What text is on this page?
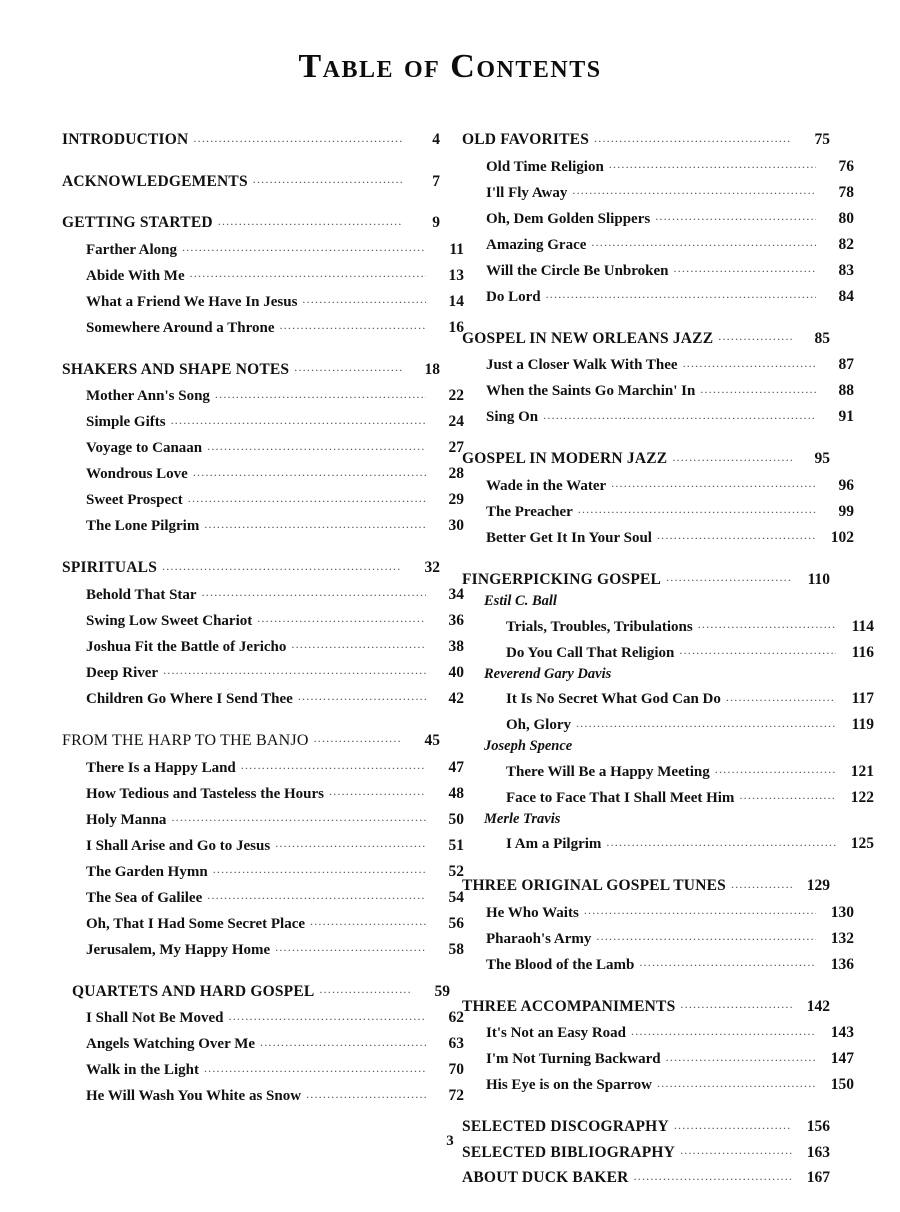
Table of Contents
INTRODUCTION .....	4
ACKNOWLEDGEMENTS .....	7
GETTING STARTED .....	9
Farther Along .....	11
Abide With Me .....	13
What a Friend We Have In Jesus .....	14
Somewhere Around a Throne .....	16
SHAKERS AND SHAPE NOTES .....	18
Mother Ann's Song .....	22
Simple Gifts .....	24
Voyage to Canaan .....	27
Wondrous Love .....	28
Sweet Prospect .....	29
The Lone Pilgrim .....	30
SPIRITUALS .....	32
Behold That Star .....	34
Swing Low Sweet Chariot .....	36
Joshua Fit the Battle of Jericho .....	38
Deep River .....	40
Children Go Where I Send Thee .....	42
FROM THE HARP TO THE BANJO .....	45
There Is a Happy Land .....	47
How Tedious and Tasteless the Hours .....	48
Holy Manna .....	50
I Shall Arise and Go to Jesus .....	51
The Garden Hymn .....	52
The Sea of Galilee .....	54
Oh, That I Had Some Secret Place .....	56
Jerusalem, My Happy Home .....	58
QUARTETS AND HARD GOSPEL .....	59
I Shall Not Be Moved .....	62
Angels Watching Over Me .....	63
Walk in the Light .....	70
He Will Wash You White as Snow .....	72
OLD FAVORITES .....	75
Old Time Religion .....	76
I'll Fly Away .....	78
Oh, Dem Golden Slippers .....	80
Amazing Grace .....	82
Will the Circle Be Unbroken .....	83
Do Lord .....	84
GOSPEL IN NEW ORLEANS JAZZ .....	85
Just a Closer Walk With Thee .....	87
When the Saints Go Marchin' In .....	88
Sing On .....	91
GOSPEL IN MODERN JAZZ .....	95
Wade in the Water .....	96
The Preacher .....	99
Better Get It In Your Soul .....	102
FINGERPICKING GOSPEL .....	110
Estil C. Ball
Trials, Troubles, Tribulations .....	114
Do You Call That Religion .....	116
Reverend Gary Davis
It Is No Secret What God Can Do .....	117
Oh, Glory .....	119
Joseph Spence
There Will Be a Happy Meeting .....	121
Face to Face That I Shall Meet Him .....	122
Merle Travis
I Am a Pilgrim .....	125
THREE ORIGINAL GOSPEL TUNES .....	129
He Who Waits .....	130
Pharaoh's Army .....	132
The Blood of the Lamb .....	136
THREE ACCOMPANIMENTS .....	142
It's Not an Easy Road .....	143
I'm Not Turning Backward .....	147
His Eye is on the Sparrow .....	150
SELECTED DISCOGRAPHY .....	156
SELECTED BIBLIOGRAPHY .....	163
ABOUT DUCK BAKER .....	167
3
